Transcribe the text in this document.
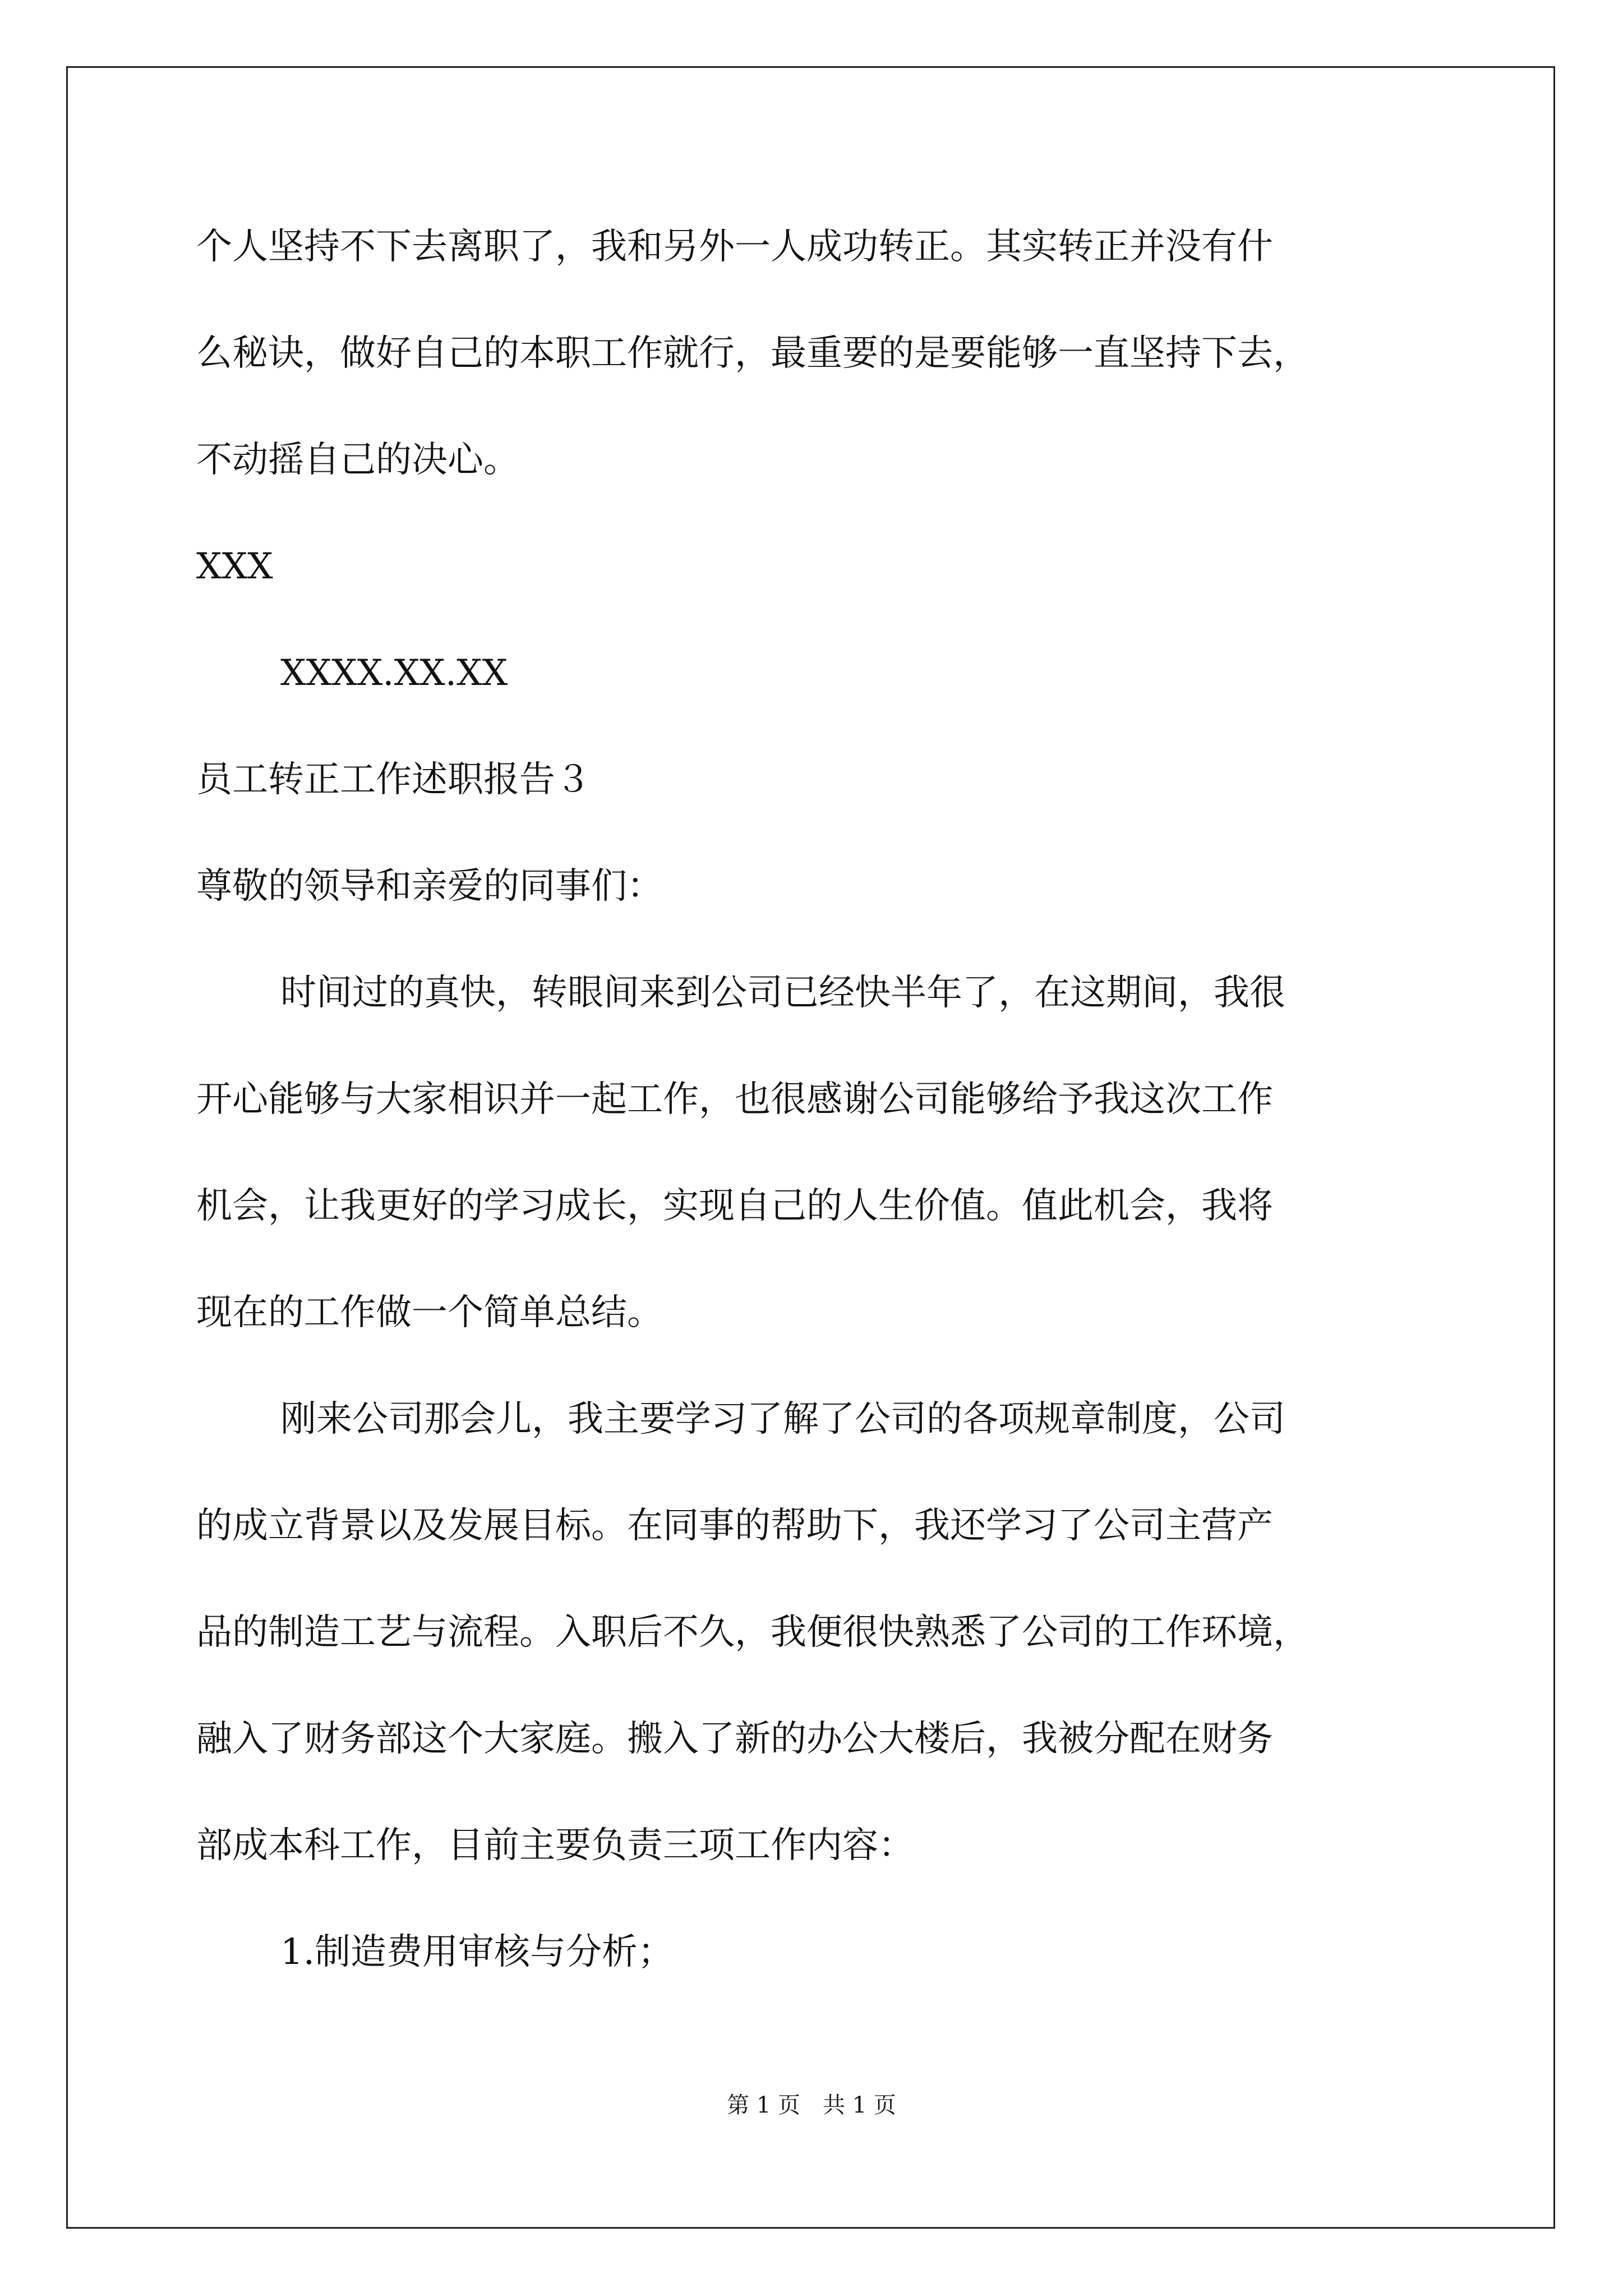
个人坚持不下去离职了，我和另外一人成功转正。其实转正并没有什
么秘诀，做好自己的本职工作就行，最重要的是要能够一直坚持下去，
不动摇自己的决心。
XXX
XXXX.XX.XX
员工转正工作述职报告３
尊敬的领导和亲爱的同事们：
时间过的真快，转眼间来到公司已经快半年了，在这期间，我很
开心能够与大家相识并一起工作，也很感谢公司能够给予我这次工作
机会，让我更好的学习成长，实现自己的人生价值。值此机会，我将
现在的工作做一个简单总结。
刚来公司那会儿，我主要学习了解了公司的各项规章制度，公司
的成立背景以及发展目标。在同事的帮助下，我还学习了公司主营产
品的制造工艺与流程。入职后不久，我便很快熟悉了公司的工作环境，
融入了财务部这个大家庭。搬入了新的办公大楼后，我被分配在财务
部成本科工作，目前主要负责三项工作内容：
1.制造费用审核与分析；
第 1 页　共 1 页
